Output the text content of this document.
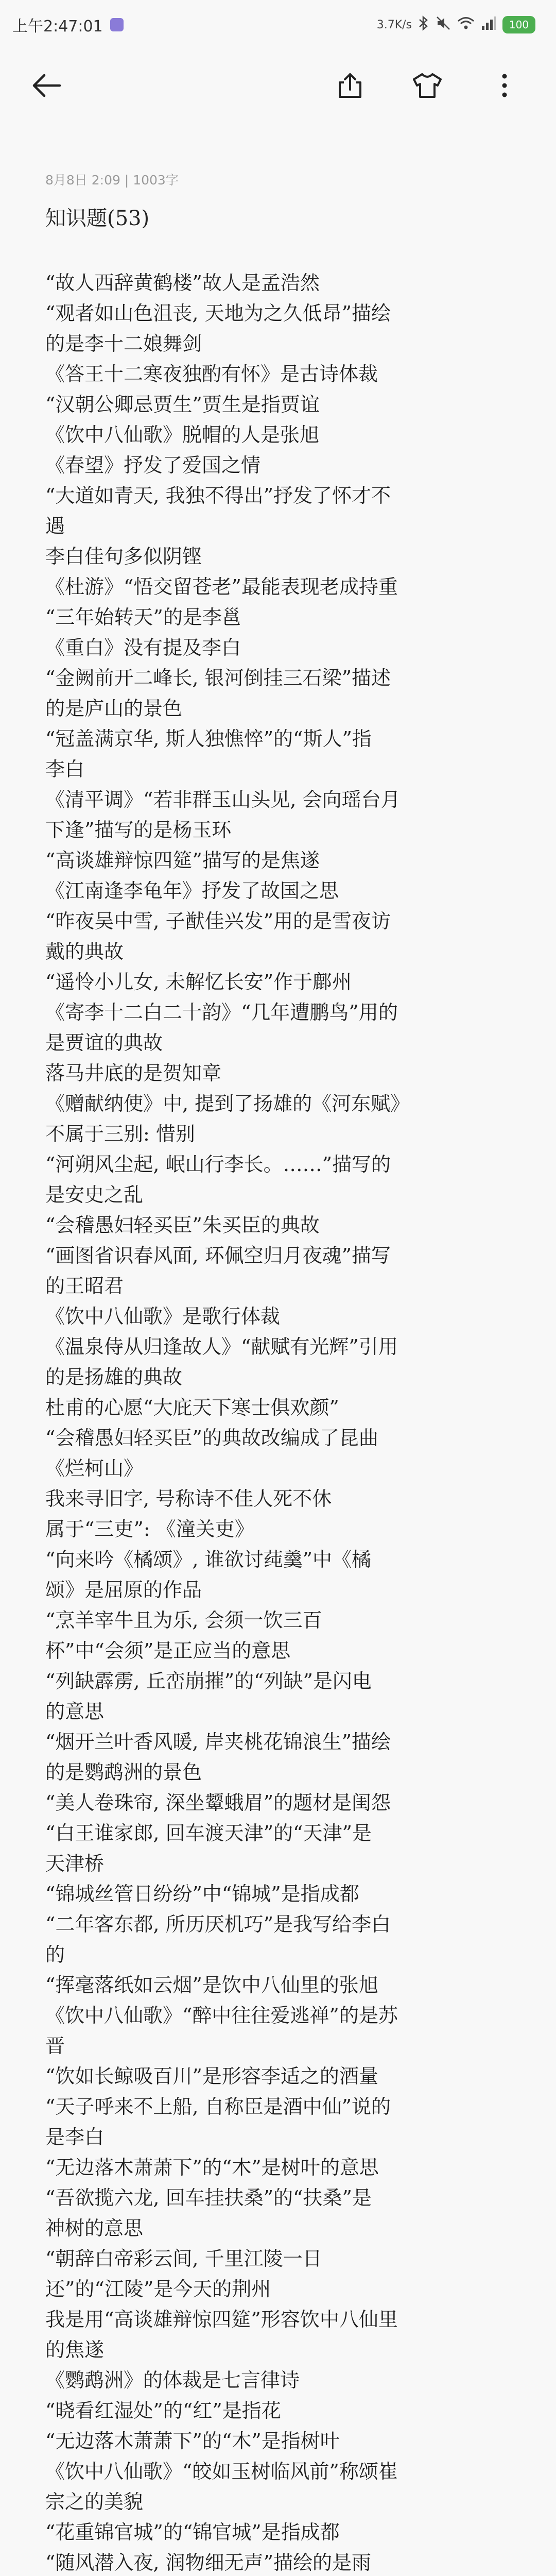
上午2:47:01	3.7K/s	100
8月8日 2:09 | 1003字
知识题(53)
“故人西辞黄鹤楼”故人是孟浩然
“观者如山色沮丧, 天地为之久低昂”描绘
的是李十二娘舞剑
《答王十二寒夜独酌有怀》是古诗体裁
“汉朝公卿忌贾生”贾生是指贾谊
《饮中八仙歌》脱帽的人是张旭
《春望》抒发了爱国之情
“大道如青天, 我独不得出”抒发了怀才不
遇
李白佳句多似阴铿
《杜游》“悟交留苍老”最能表现老成持重
“三年始转天”的是李邕
《重白》没有提及李白
“金阙前开二峰长, 银河倒挂三石梁”描述
的是庐山的景色
“冠盖满京华, 斯人独憔悴”的“斯人”指
李白
《清平调》“若非群玉山头见, 会向瑶台月
下逢”描写的是杨玉环
“高谈雄辩惊四筵”描写的是焦遂
《江南逢李龟年》抒发了故国之思
“昨夜吴中雪, 子猷佳兴发”用的是雪夜访
戴的典故
“遥怜小儿女, 未解忆长安”作于鄜州
《寄李十二白二十韵》“几年遭鹏鸟”用的
是贾谊的典故
落马井底的是贺知章
《赠献纳使》中, 提到了扬雄的《河东赋》
不属于三别: 惜别
“河朔风尘起, 岷山行李长。……”描写的
是安史之乱
“会稽愚妇轻买臣”朱买臣的典故
“画图省识春风面, 环佩空归月夜魂”描写
的王昭君
《饮中八仙歌》是歌行体裁
《温泉侍从归逢故人》“献赋有光辉”引用
的是扬雄的典故
杜甫的心愿“大庇天下寒士俱欢颜”
“会稽愚妇轻买臣”的典故改编成了昆曲
《烂柯山》
我来寻旧字, 号称诗不佳人死不休
属于“三吏”: 《潼关吏》
“向来吟《橘颂》, 谁欲讨莼羹”中《橘
颂》是屈原的作品
“烹羊宰牛且为乐, 会须一饮三百
杯”中“会须”是正应当的意思
“列缺霹雳, 丘峦崩摧”的“列缺”是闪电
的意思
“烟开兰叶香风暖, 岸夹桃花锦浪生”描绘
的是鹦鹉洲的景色
“美人卷珠帘, 深坐颦蛾眉”的题材是闺怨
“白王谁家郎, 回车渡天津”的“天津”是
天津桥
“锦城丝管日纷纷”中“锦城”是指成都
“二年客东都, 所历厌机巧”是我写给李白
的
“挥毫落纸如云烟”是饮中八仙里的张旭
《饮中八仙歌》“醉中往往爱逃禅”的是苏
晋
“饮如长鲸吸百川”是形容李适之的酒量
“天子呼来不上船, 自称臣是酒中仙”说的
是李白
“无边落木萧萧下”的“木”是树叶的意思
“吾欲揽六龙, 回车挂扶桑”的“扶桑”是
神树的意思
“朝辞白帝彩云间, 千里江陵一日
还”的“江陵”是今天的荆州
我是用“高谈雄辩惊四筵”形容饮中八仙里
的焦遂
《鹦鹉洲》的体裁是七言律诗
“晓看红湿处”的“红”是指花
“无边落木萧萧下”的“木”是指树叶
《饮中八仙歌》“皎如玉树临风前”称颂崔
宗之的美貌
“花重锦官城”的“锦官城”是指成都
“随风潜入夜, 润物细无声”描绘的是雨
